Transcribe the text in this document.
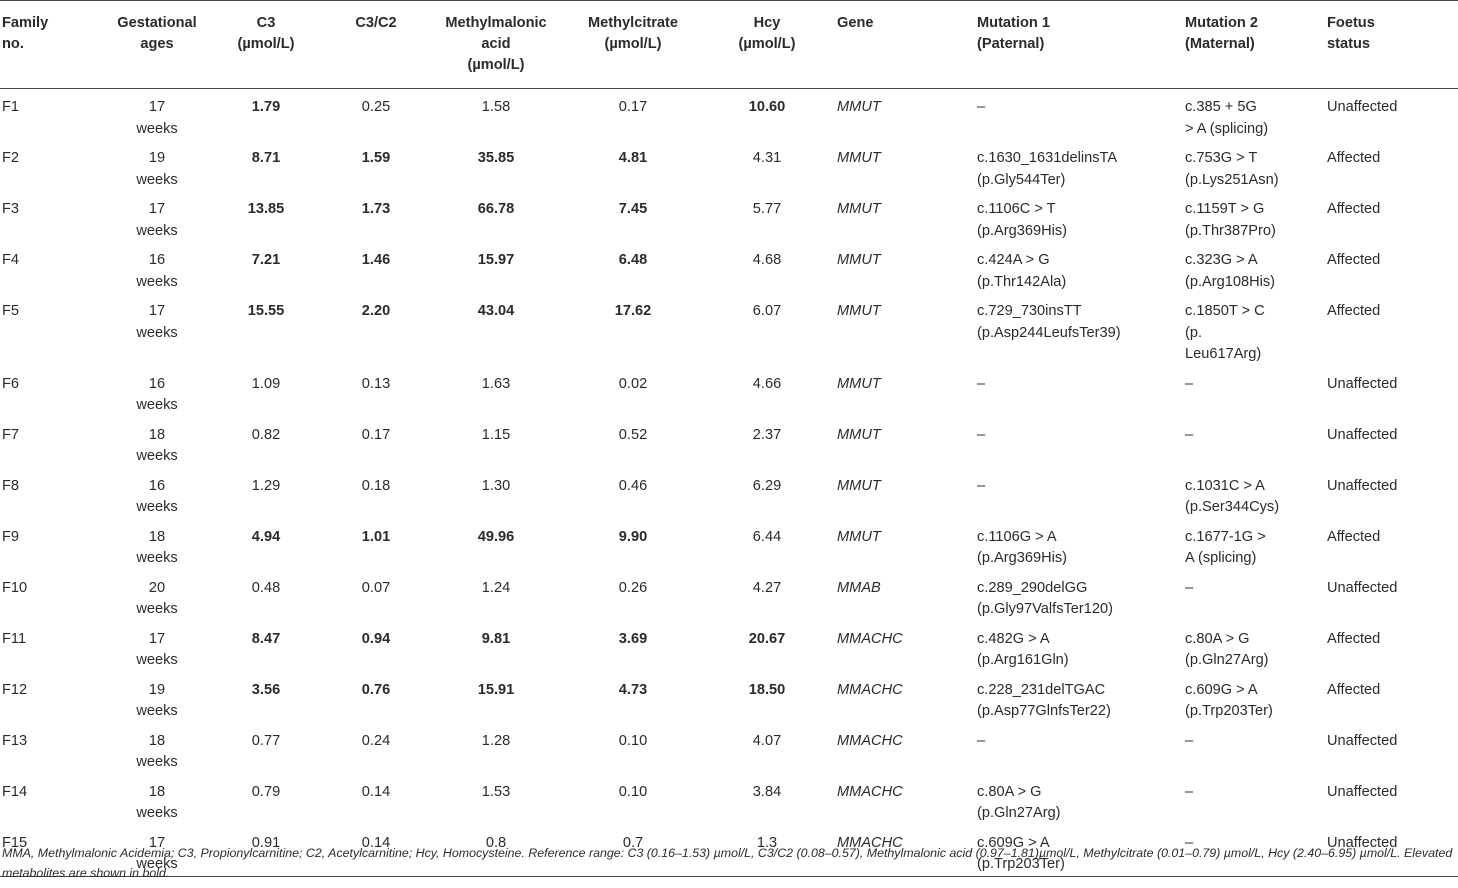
Family
no.	Gestational
ages	C3
(µmol/L)	C3/C2	Methylmalonic
acid
(µmol/L)	Methylcitrate
(µmol/L)	Hcy
(µmol/L)	Gene	Mutation 1
(Paternal)	Mutation 2
(Maternal)	Foetus
status
F1	17
weeks	1.79	0.25	1.58	0.17	10.60	MMUT	–	c.385 + 5G
> A (splicing)	Unaffected
F2	19
weeks	8.71	1.59	35.85	4.81	4.31	MMUT	c.1630_1631delinsTA
(p.Gly544Ter)	c.753G > T
(p.Lys251Asn)	Affected
F3	17
weeks	13.85	1.73	66.78	7.45	5.77	MMUT	c.1106C > T
(p.Arg369His)	c.1159T > G
(p.Thr387Pro)	Affected
F4	16
weeks	7.21	1.46	15.97	6.48	4.68	MMUT	c.424A > G
(p.Thr142Ala)	c.323G > A
(p.Arg108His)	Affected
F5	17
weeks	15.55	2.20	43.04	17.62	6.07	MMUT	c.729_730insTT
(p.Asp244LeufsTer39)	c.1850T > C
(p.
Leu617Arg)	Affected
F6	16
weeks	1.09	0.13	1.63	0.02	4.66	MMUT	–	–	Unaffected
F7	18
weeks	0.82	0.17	1.15	0.52	2.37	MMUT	–	–	Unaffected
F8	16
weeks	1.29	0.18	1.30	0.46	6.29	MMUT	–	c.1031C > A
(p.Ser344Cys)	Unaffected
F9	18
weeks	4.94	1.01	49.96	9.90	6.44	MMUT	c.1106G > A
(p.Arg369His)	c.1677-1G >
A (splicing)	Affected
F10	20
weeks	0.48	0.07	1.24	0.26	4.27	MMAB	c.289_290delGG
(p.Gly97ValfsTer120)	–	Unaffected
F11	17
weeks	8.47	0.94	9.81	3.69	20.67	MMACHC	c.482G > A
(p.Arg161Gln)	c.80A > G
(p.Gln27Arg)	Affected
F12	19
weeks	3.56	0.76	15.91	4.73	18.50	MMACHC	c.228_231delTGAC
(p.Asp77GlnfsTer22)	c.609G > A
(p.Trp203Ter)	Affected
F13	18
weeks	0.77	0.24	1.28	0.10	4.07	MMACHC	–	–	Unaffected
F14	18
weeks	0.79	0.14	1.53	0.10	3.84	MMACHC	c.80A > G
(p.Gln27Arg)	–	Unaffected
F15	17
weeks	0.91	0.14	0.8	0.7	1.3	MMACHC	c.609G > A
(p.Trp203Ter)	–	Unaffected
MMA, Methylmalonic Acidemia; C3, Propionylcarnitine; C2, Acetylcarnitine; Hcy, Homocysteine. Reference range: C3 (0.16–1.53) µmol/L, C3/C2 (0.08–0.57), Methylmalonic acid (0.97–1.81)µmol/L, Methylcitrate (0.01–0.79) µmol/L, Hcy (2.40–6.95) µmol/L. Elevated metabolites are shown in bold.
